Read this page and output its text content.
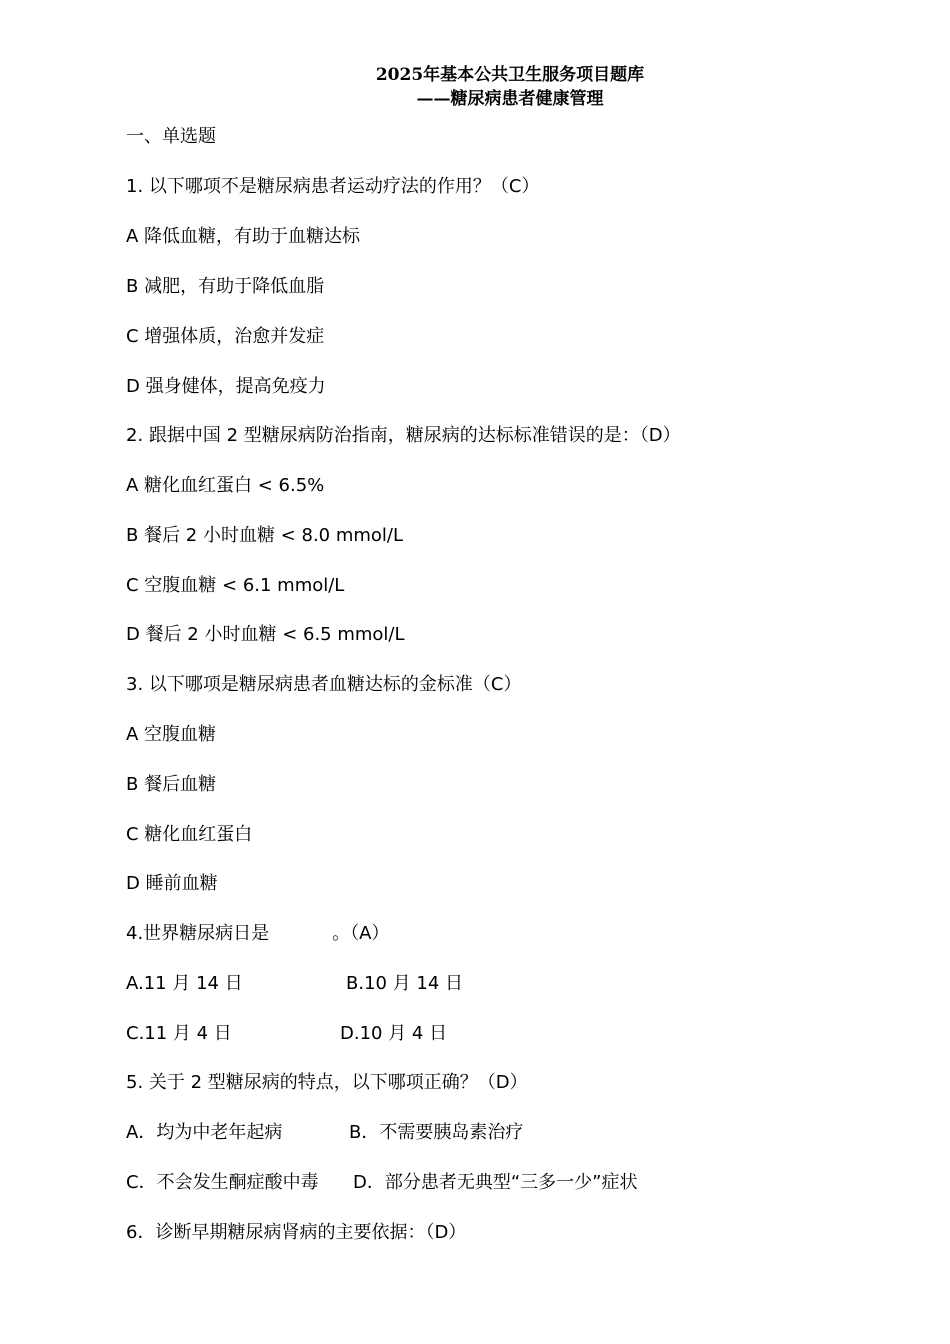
2025年基本公共卫生服务项目题库
——糖尿病患者健康管理
一、单选题
1. 以下哪项不是糖尿病患者运动疗法的作用？（C）
A 降低血糖，有助于血糖达标
B 减肥，有助于降低血脂
C 增强体质，治愈并发症
D 强身健体，提高免疫力
2. 跟据中国 2 型糖尿病防治指南，糖尿病的达标标准错误的是：（D）
A 糖化血红蛋白 < 6.5%
B 餐后 2 小时血糖 < 8.0 mmol/L
C 空腹血糖 < 6.1 mmol/L
D 餐后 2 小时血糖 < 6.5 mmol/L
3. 以下哪项是糖尿病患者血糖达标的金标准（C）
A 空腹血糖
B 餐后血糖
C 糖化血红蛋白
D 睡前血糖
4.世界糖尿病日是           。（A）
A.11 月 14 日	B.10 月 14 日
C.11 月 4 日	D.10 月 4 日
5. 关于 2 型糖尿病的特点，以下哪项正确？（D）
A．均为中老年起病	B．不需要胰岛素治疗
C．不会发生酮症酸中毒 D．部分患者无典型“三多一少”症状
6．诊断早期糖尿病肾病的主要依据：（D）
